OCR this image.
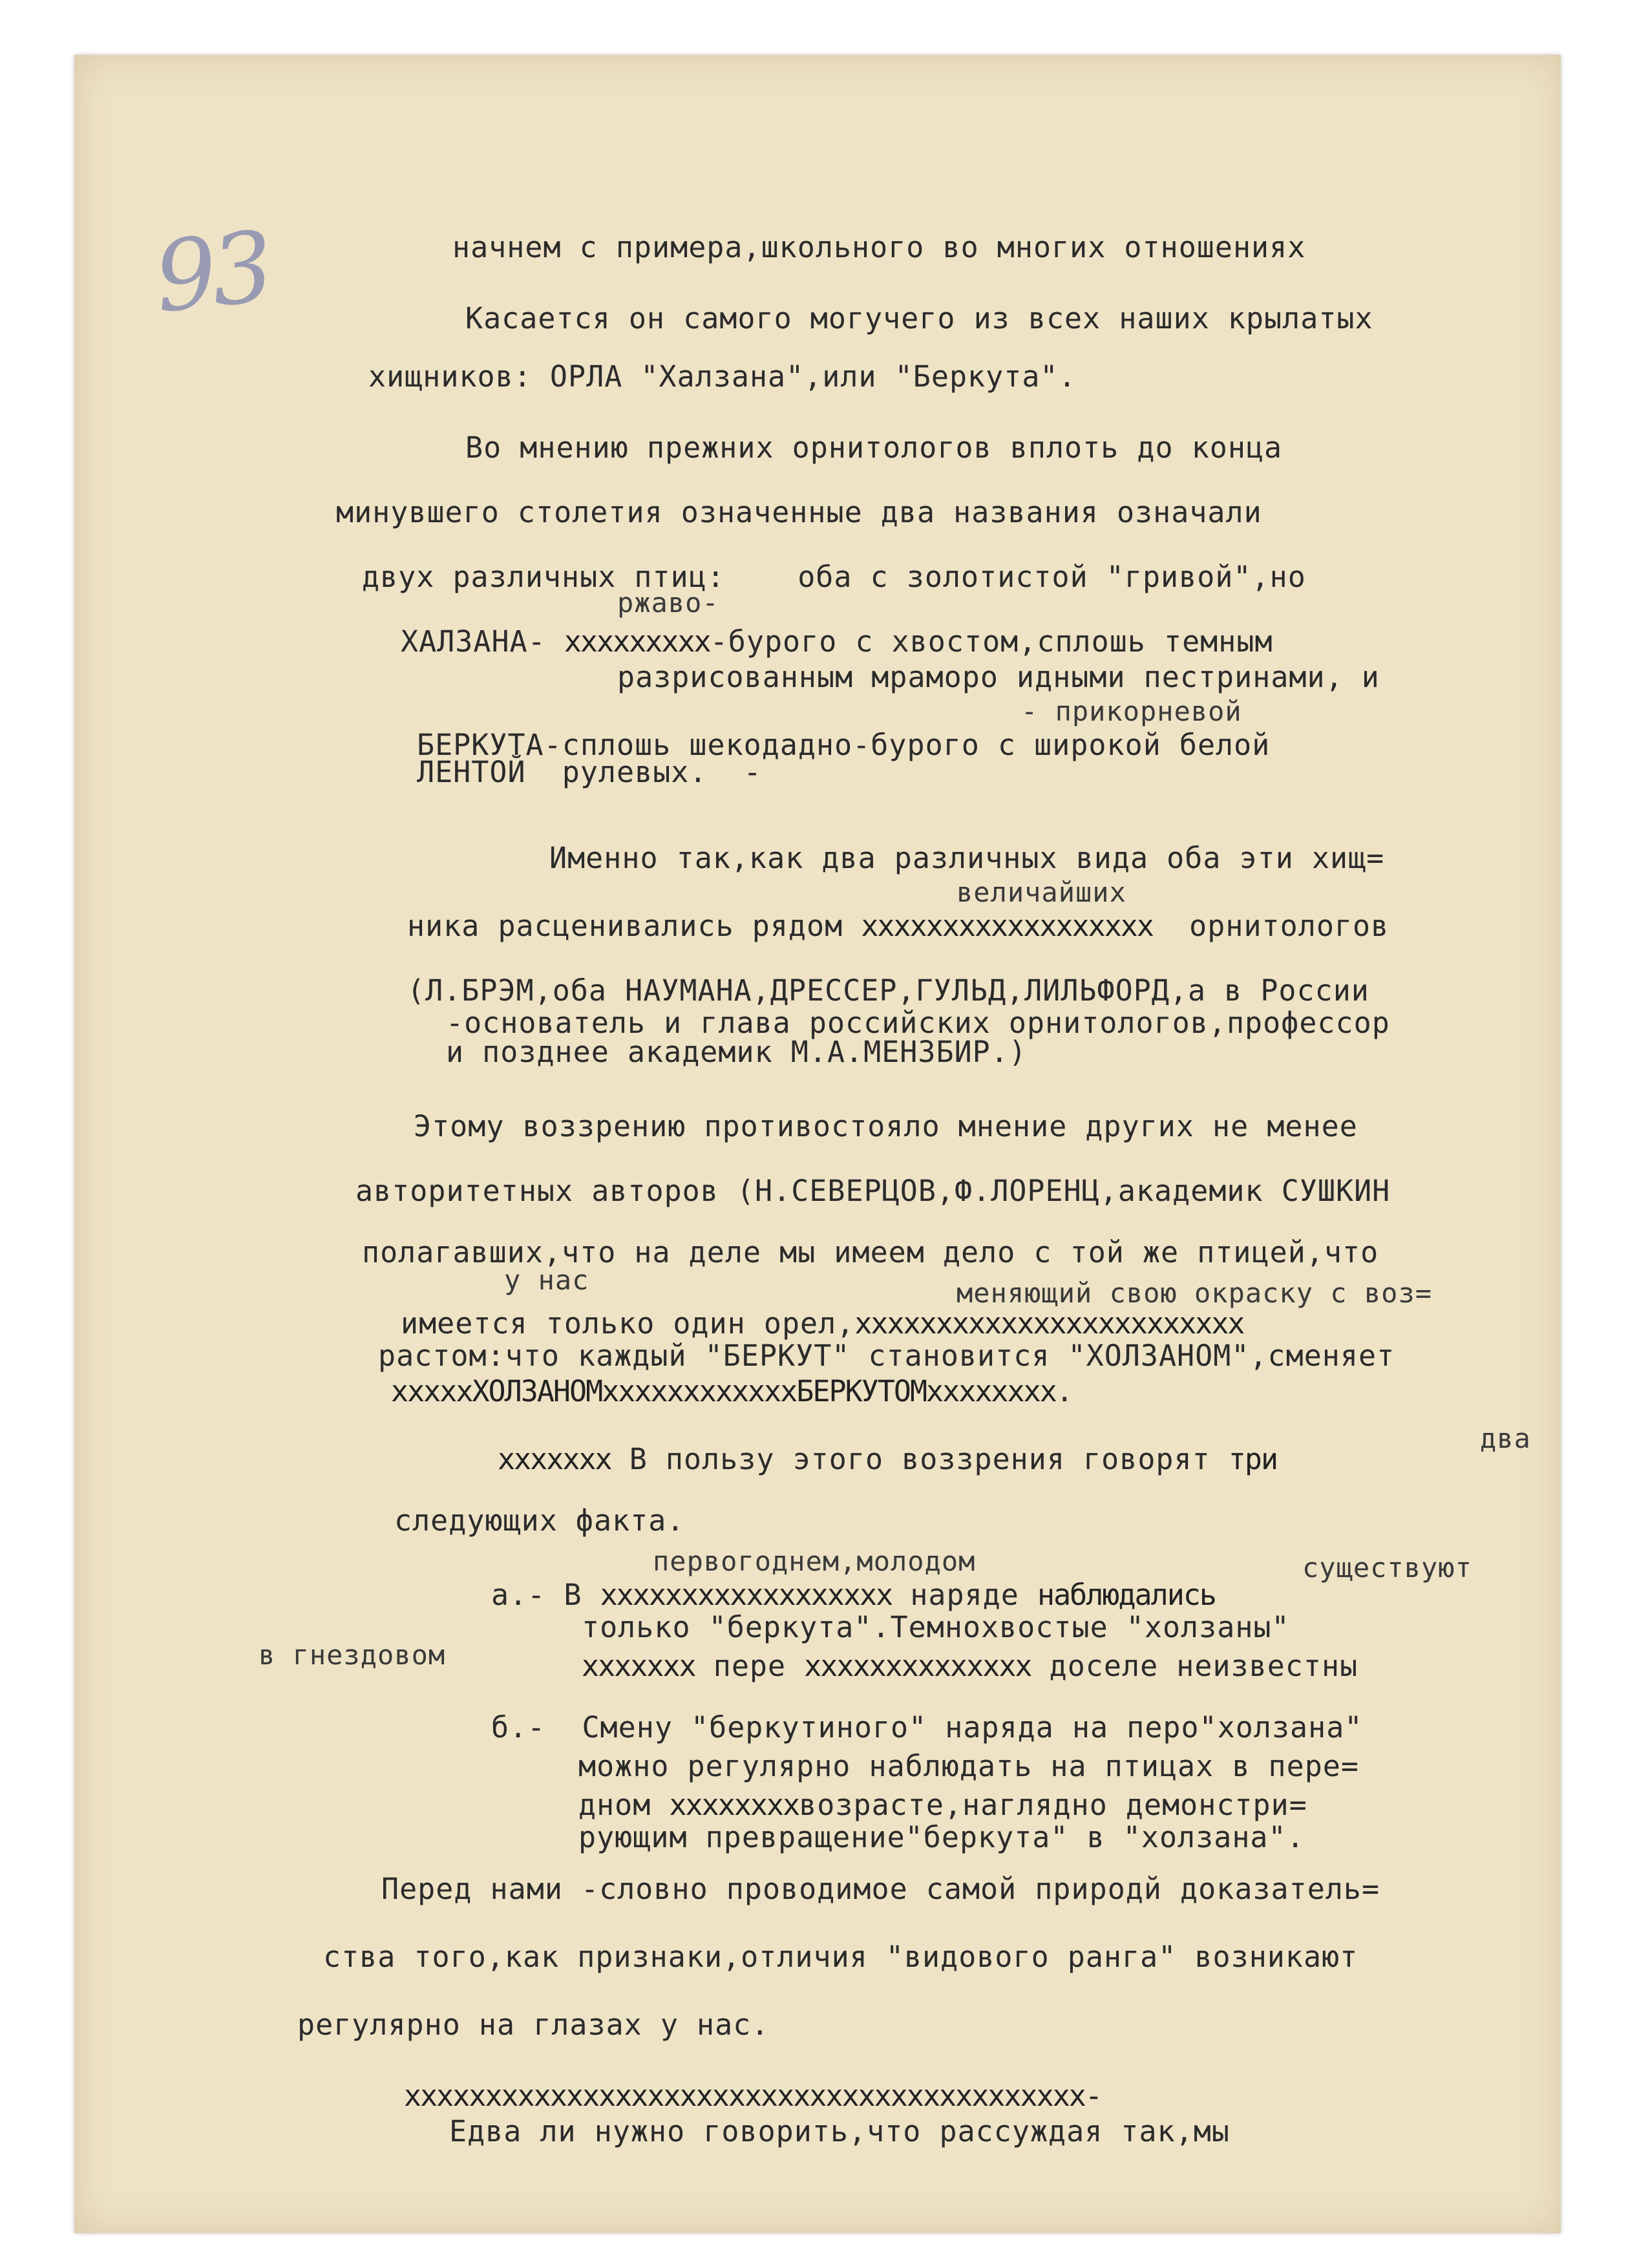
93	начнем с примера,школьного во многих отношениях

Касается он самого могучего из всех наших крылатых

хищников: ОРЛА "Халзана",или "Беркута".

Во мнению прежних орнитологов вплоть до конца

минувшего столетия означенные два названия означали

двух различных птиц:    оба с золотистой "гривой",но

ржаво-

ХАЛЗАНА- xxxxxxxxx-бурого с хвостом,сплошь темным

разрисованным мраморо идными пестринами, и

- прикорневой

БЕРКУТА-сплошь шекодадно-бурого с широкой белой

ЛЕНТОЙ  рулевых.  -

Именно так,как два различных вида оба эти хищ=

величайших

ника расценивались рядом xxxxxxxxxxxxxxxxxx  орнитологов

(Л.БРЭМ,оба НАУМАНА,ДРЕССЕР,ГУЛЬД,ЛИЛЬФОРД,а в России

-основатель и глава российских орнитологов,профессор

и позднее академик М.А.МЕНЗБИР.)

Этому воззрению противостояло мнение других не менее

авторитетных авторов (Н.СЕВЕРЦОВ,Ф.ЛОРЕНЦ,академик СУШКИН

полагавших,что на деле мы имеем дело с той же птицей,что

у нас	меняющий свою окраску с воз=

имеется только один орел,xxxxxxxxxxxxxxxxxxxxxxxx

растом:что каждый "БЕРКУТ" становится "ХОЛЗАНОМ",сменяет

xxxxxХОЛЗАНОМxxxxxxxxxxxxБЕРКУТОМxxxxxxxx.

два

xxxxxxx В пользу этого воззрения говорят три

следующих факта.

первогоднем,молодом	существуют

а.- В xxxxxxxxxxxxxxxxxx наряде наблюдались

только "беркута".Темнохвостые "холзаны"

в гнездовом	xxxxxxx пере xxxxxxxxxxxxxx доселе неизвестны

б.-  Смену "беркутиного" наряда на перо"холзана"

можно регулярно наблюдать на птицах в пере=

дном xxxxxxxxвозрасте,наглядно демонстри=

рующим превращение"беркута" в "холзана".

Перед нами -словно проводимое самой природй доказатель=

ства того,как признаки,отличия "видового ранга" возникают

регулярно на глазах у нас.

xxxxxxxxxxxxxxxxxxxxxxxxxxxxxxxxxxxxxxxxxx-

Едва ли нужно говорить,что рассуждая так,мы
